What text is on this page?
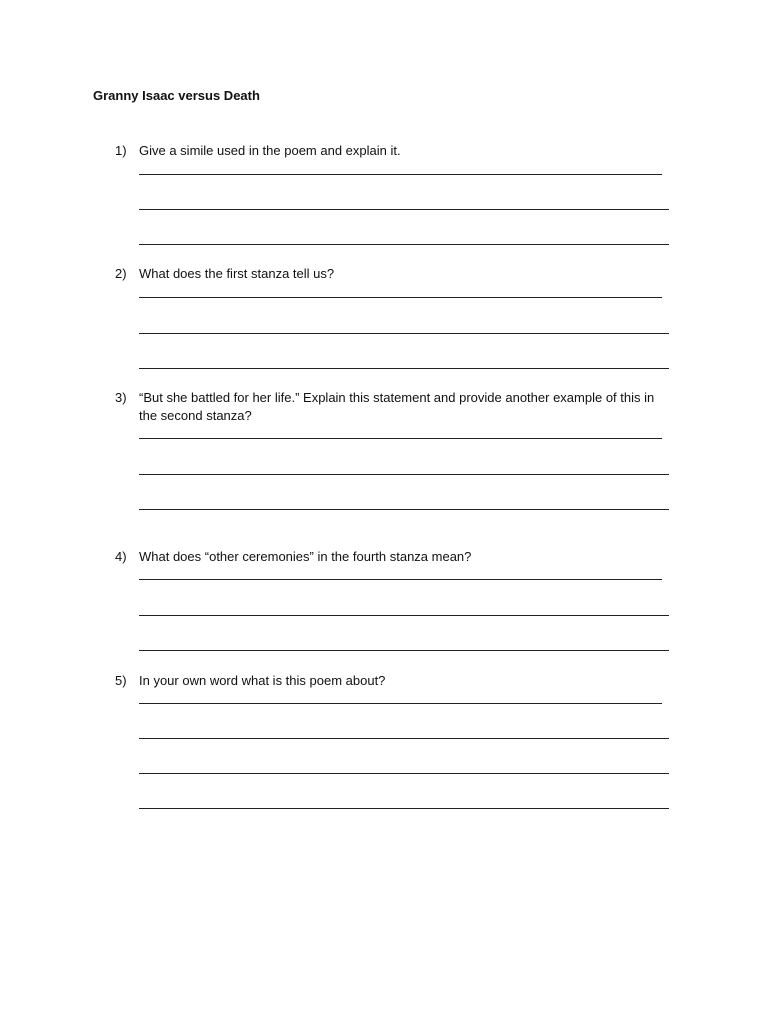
Granny Isaac versus Death
1) Give a simile used in the poem and explain it.
2) What does the first stanza tell us?
3) “But she battled for her life.” Explain this statement and provide another example of this in the second stanza?
4) What does “other ceremonies” in the fourth stanza mean?
5) In your own word what is this poem about?
